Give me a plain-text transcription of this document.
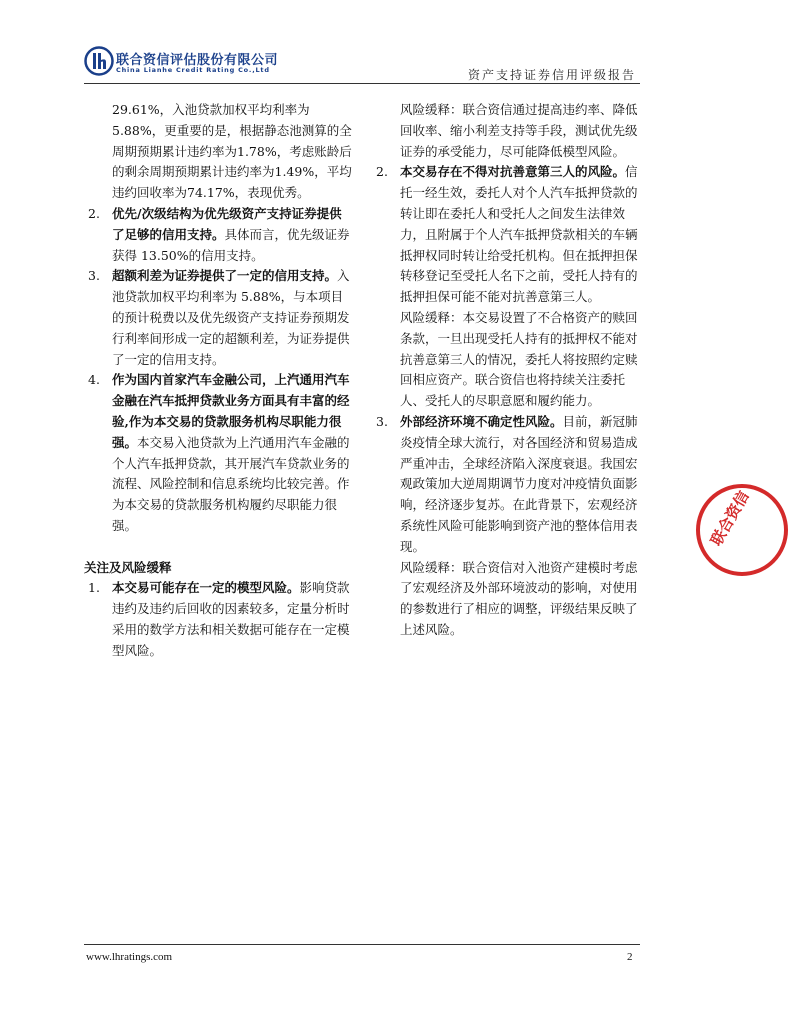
联合资信评估股份有限公司
China Lianhe Credit Rating Co.,Ltd	资产支持证券信用评级报告

29.61%，入池贷款加权平均利率为 5.88%，更重要的是，根据静态池测算的全周期预期累计违约率为1.78%，考虑账龄后的剩余周期预期累计违约率为1.49%，平均违约回收率为74.17%，表现优秀。

2. 优先/次级结构为优先级资产支持证券提供了足够的信用支持。具体而言，优先级证券获得 13.50%的信用支持。
3. 超额利差为证券提供了一定的信用支持。入池贷款加权平均利率为 5.88%，与本项目的预计税费以及优先级资产支持证券预期发行利率间形成一定的超额利差，为证券提供了一定的信用支持。
4. 作为国内首家汽车金融公司，上汽通用汽车金融在汽车抵押贷款业务方面具有丰富的经验,作为本交易的贷款服务机构尽职能力很强。本交易入池贷款为上汽通用汽车金融的个人汽车抵押贷款，其开展汽车贷款业务的流程、风险控制和信息系统均比较完善。作为本交易的贷款服务机构履约尽职能力很强。

关注及风险缓释

1. 本交易可能存在一定的模型风险。影响贷款违约及违约后回收的因素较多，定量分析时采用的数学方法和相关数据可能存在一定模型风险。

风险缓释：联合资信通过提高违约率、降低回收率、缩小利差支持等手段，测试优先级证券的承受能力，尽可能降低模型风险。

2. 本交易存在不得对抗善意第三人的风险。信托一经生效，委托人对个人汽车抵押贷款的转让即在委托人和受托人之间发生法律效力，且附属于个人汽车抵押贷款相关的车辆抵押权同时转让给受托机构。但在抵押担保转移登记至受托人名下之前，受托人持有的抵押担保可能不能对抗善意第三人。

风险缓释：本交易设置了不合格资产的赎回条款，一旦出现受托人持有的抵押权不能对抗善意第三人的情况，委托人将按照约定赎回相应资产。联合资信也将持续关注委托人、受托人的尽职意愿和履约能力。

3. 外部经济环境不确定性风险。目前，新冠肺炎疫情全球大流行，对各国经济和贸易造成严重冲击，全球经济陷入深度衰退。我国宏观政策加大逆周期调节力度对冲疫情负面影响，经济逐步复苏。在此背景下，宏观经济系统性风险可能影响到资产池的整体信用表现。

风险缓释：联合资信对入池资产建模时考虑了宏观经济及外部环境波动的影响，对使用的参数进行了相应的调整，评级结果反映了上述风险。

联合资信
www.lhratings.com	2
